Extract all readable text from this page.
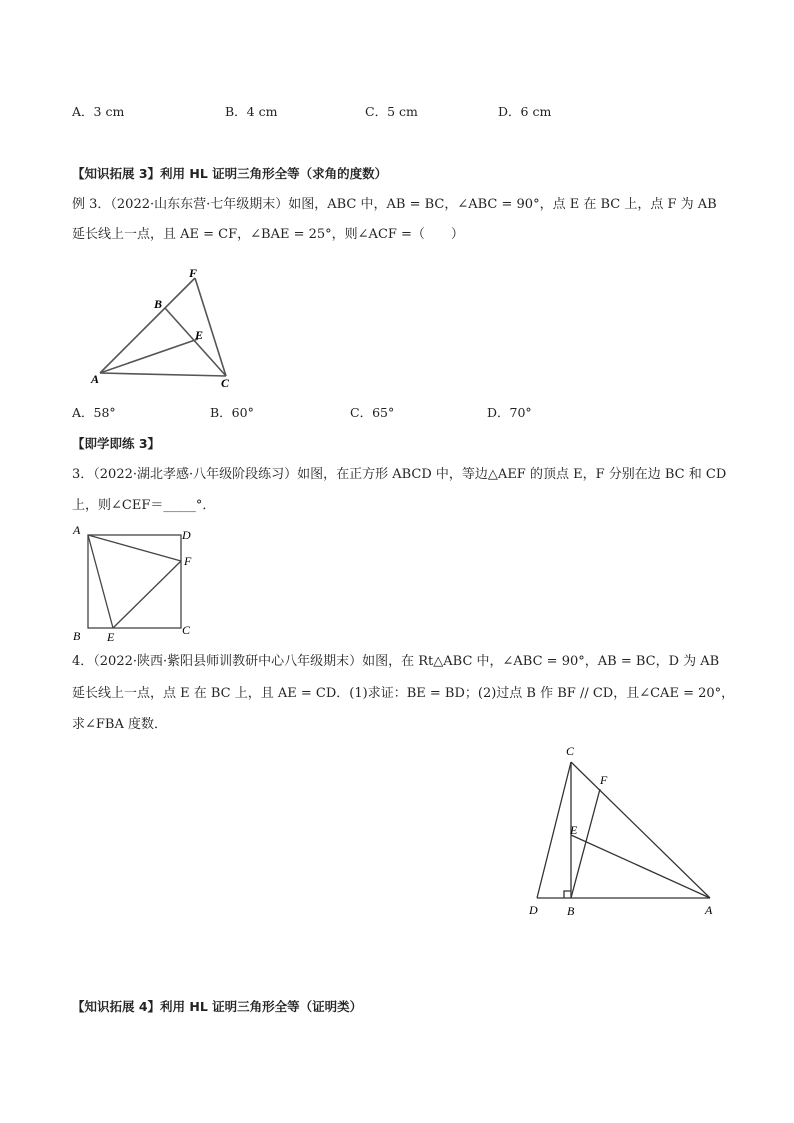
A．3 cm	B．4 cm	C．5 cm	D．6 cm
【知识拓展 3】利用 HL 证明三角形全等（求角的度数）
例 3．（2022·山东东营·七年级期末）如图，ABC 中，AB = BC，∠ABC = 90°，点 E 在 BC 上，点 F 为 AB
延长线上一点，且 AE = CF，∠BAE = 25°，则∠ACF =（　　）
F
B
E
A	C
A．58°	B．60°	C．65°	D．70°
【即学即练 3】
3．（2022·湖北孝感·八年级阶段练习）如图，在正方形 ABCD 中，等边△AEF 的顶点 E，F 分别在边 BC 和 CD
上，则∠CEF＝_____°．
A	D
F
B E	C
4．（2022·陕西·紫阳县师训教研中心八年级期末）如图，在 Rt△ABC 中，∠ABC = 90°，AB = BC，D 为 AB
延长线上一点，点 E 在 BC 上，且 AE = CD．(1)求证：BE = BD；(2)过点 B 作 BF // CD，且∠CAE = 20°，
求∠FBA 度数．
C
F
E
D B	A
【知识拓展 4】利用 HL 证明三角形全等（证明类）
